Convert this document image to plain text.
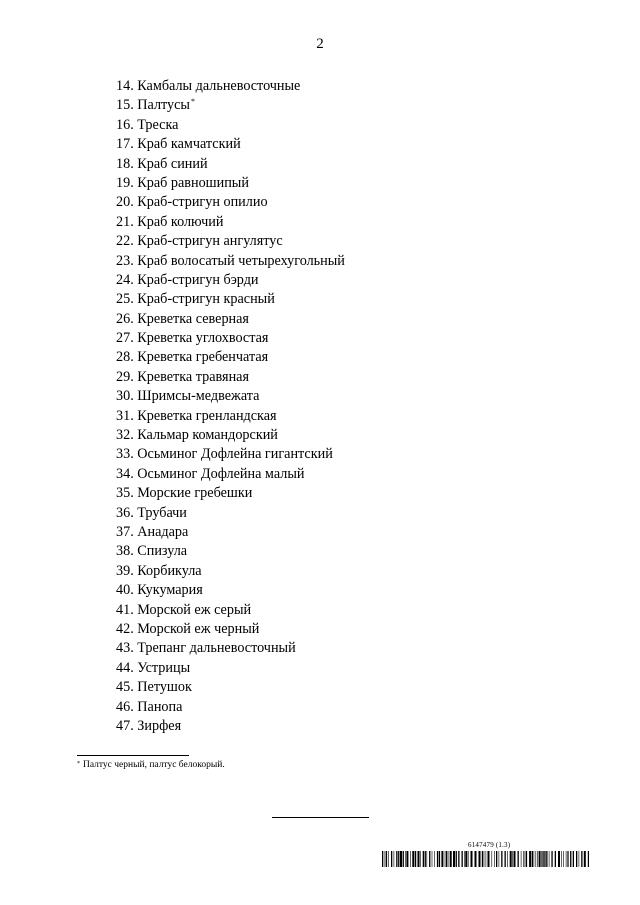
2
14. Камбалы дальневосточные
15. Палтусы*
16. Треска
17. Краб камчатский
18. Краб синий
19. Краб равношипый
20. Краб-стригун опилио
21. Краб колючий
22. Краб-стригун ангулятус
23. Краб волосатый четырехугольный
24. Краб-стригун бэрди
25. Краб-стригун красный
26. Креветка северная
27. Креветка углохвостая
28. Креветка гребенчатая
29. Креветка травяная
30. Шримсы-медвежата
31. Креветка гренландская
32. Кальмар командорский
33. Осьминог Дофлейна гигантский
34. Осьминог Дофлейна малый
35. Морские гребешки
36. Трубачи
37. Анадара
38. Спизула
39. Корбикула
40. Кукумария
41. Морской еж серый
42. Морской еж черный
43. Трепанг дальневосточный
44. Устрицы
45. Петушок
46. Панопа
47. Зирфея
* Палтус черный, палтус белокорый.
6147479 (1.3)
